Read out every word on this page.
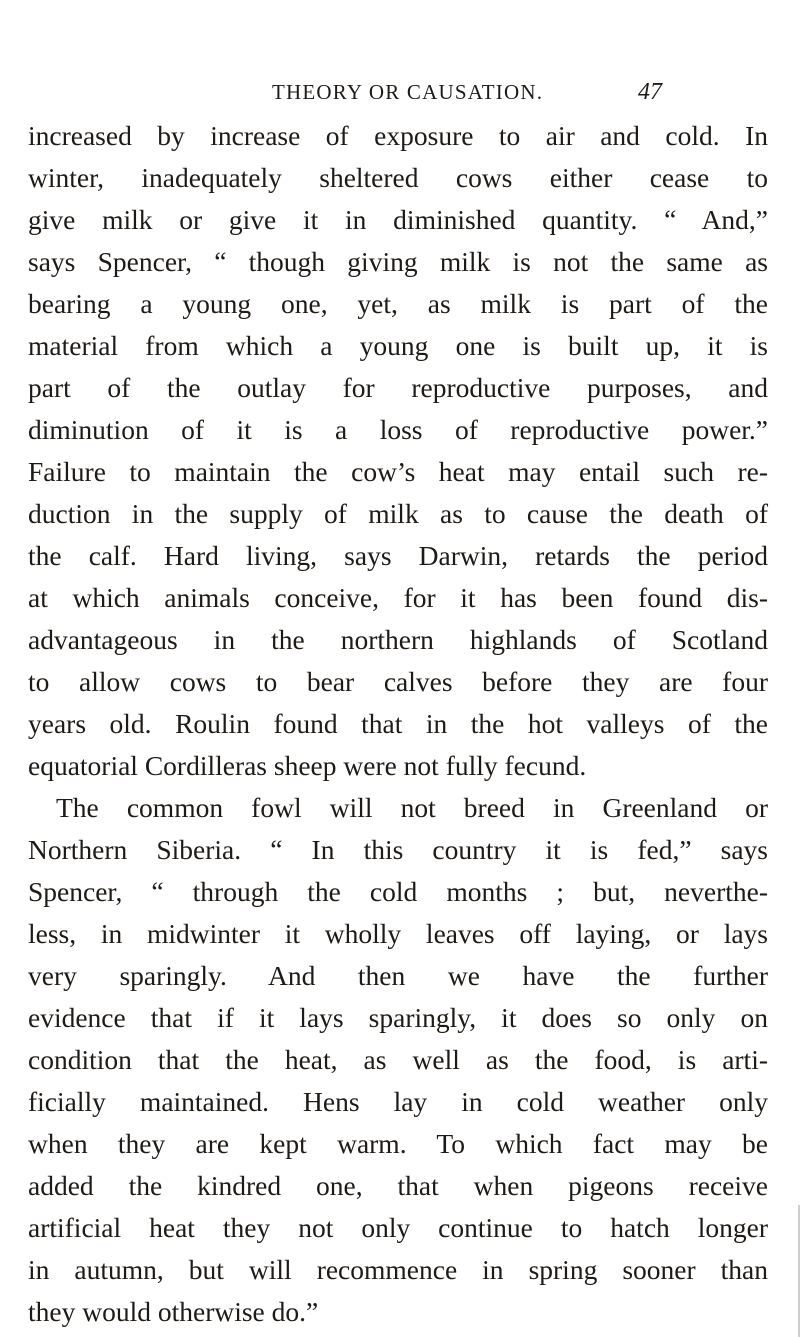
THEORY OR CAUSATION.	47
increased by increase of exposure to air and cold. In
winter, inadequately sheltered cows either cease to
give milk or give it in diminished quantity. “ And,”
says Spencer, “ though giving milk is not the same as
bearing a young one, yet, as milk is part of the
material from which a young one is built up, it is
part of the outlay for reproductive purposes, and
diminution of it is a loss of reproductive power.”
Failure to maintain the cow’s heat may entail such re-
duction in the supply of milk as to cause the death of
the calf. Hard living, says Darwin, retards the period
at which animals conceive, for it has been found dis-
advantageous in the northern highlands of Scotland
to allow cows to bear calves before they are four
years old. Roulin found that in the hot valleys of the
equatorial Cordilleras sheep were not fully fecund.
The common fowl will not breed in Greenland or
Northern Siberia. “ In this country it is fed,” says
Spencer, “ through the cold months ; but, neverthe-
less, in midwinter it wholly leaves off laying, or lays
very sparingly. And then we have the further
evidence that if it lays sparingly, it does so only on
condition that the heat, as well as the food, is arti-
ficially maintained. Hens lay in cold weather only
when they are kept warm. To which fact may be
added the kindred one, that when pigeons receive
artificial heat they not only continue to hatch longer
in autumn, but will recommence in spring sooner than
they would otherwise do.”
